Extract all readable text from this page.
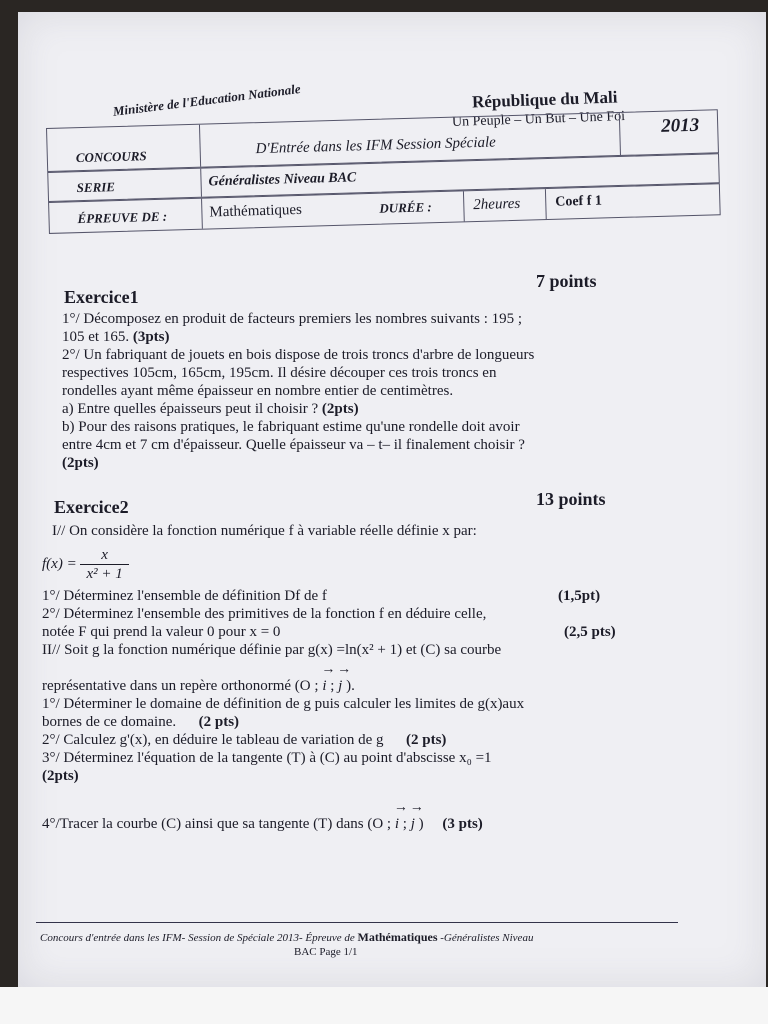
Ministère de l'Education Nationale	République du Mali
Un Peuple – Un But – Une Foi
CONCOURS	D'Entrée dans les IFM Session Spéciale
2013
SERIE	Généralistes Niveau BAC
ÉPREUVE DE :	Mathématiques	DURÉE :	2heures Coef f 1
Exercice1
7 points
1°/ Décomposez en produit de facteurs premiers les nombres suivants : 195 ;
105 et 165. (3pts)
2°/ Un fabriquant de jouets en bois dispose de trois troncs d'arbre de longueurs
respectives 105cm, 165cm, 195cm. Il désire découper ces trois troncs en
rondelles ayant même épaisseur en nombre entier de centimètres.
a) Entre quelles épaisseurs peut il choisir ? (2pts)
b) Pour des raisons pratiques, le fabriquant estime qu'une rondelle doit avoir
entre 4cm et 7 cm d'épaisseur. Quelle épaisseur va – t– il finalement choisir ?
(2pts)
Exercice2	13 points
I// On considère la fonction numérique f à variable réelle définie x par:
$f(x) = \frac{x}{\text{x² + 1}}$
1°/ Déterminez l'ensemble de définition Df de f	(1,5pt)
2°/ Déterminez l'ensemble des primitives de la fonction f en déduire celle,
notée F qui prend la valeur 0 pour x = 0	(2,5 pts)
II// Soit g la fonction numérique définie par g(x) =ln(x² + 1) et (C) sa courbe
représentative dans un repère orthonormé (O ; → i ; → j ).
1°/ Déterminer le domaine de définition de g puis calculer les limites de g(x)aux
bornes de ce domaine. (2 pts)
2°/ Calculez g'(x), en déduire le tableau de variation de g (2 pts)
3°/ Déterminez l'équation de la tangente (T) à (C) au point d'abscisse x₀ =1
(2pts)
4°/Tracer la courbe (C) ainsi que sa tangente (T) dans (O ; → i ; → j ) (3 pts)
Concours d'entrée dans les IFM- Session de Spéciale 2013- Épreuve de Mathématiques -Généralistes Niveau
BAC Page 1/1
